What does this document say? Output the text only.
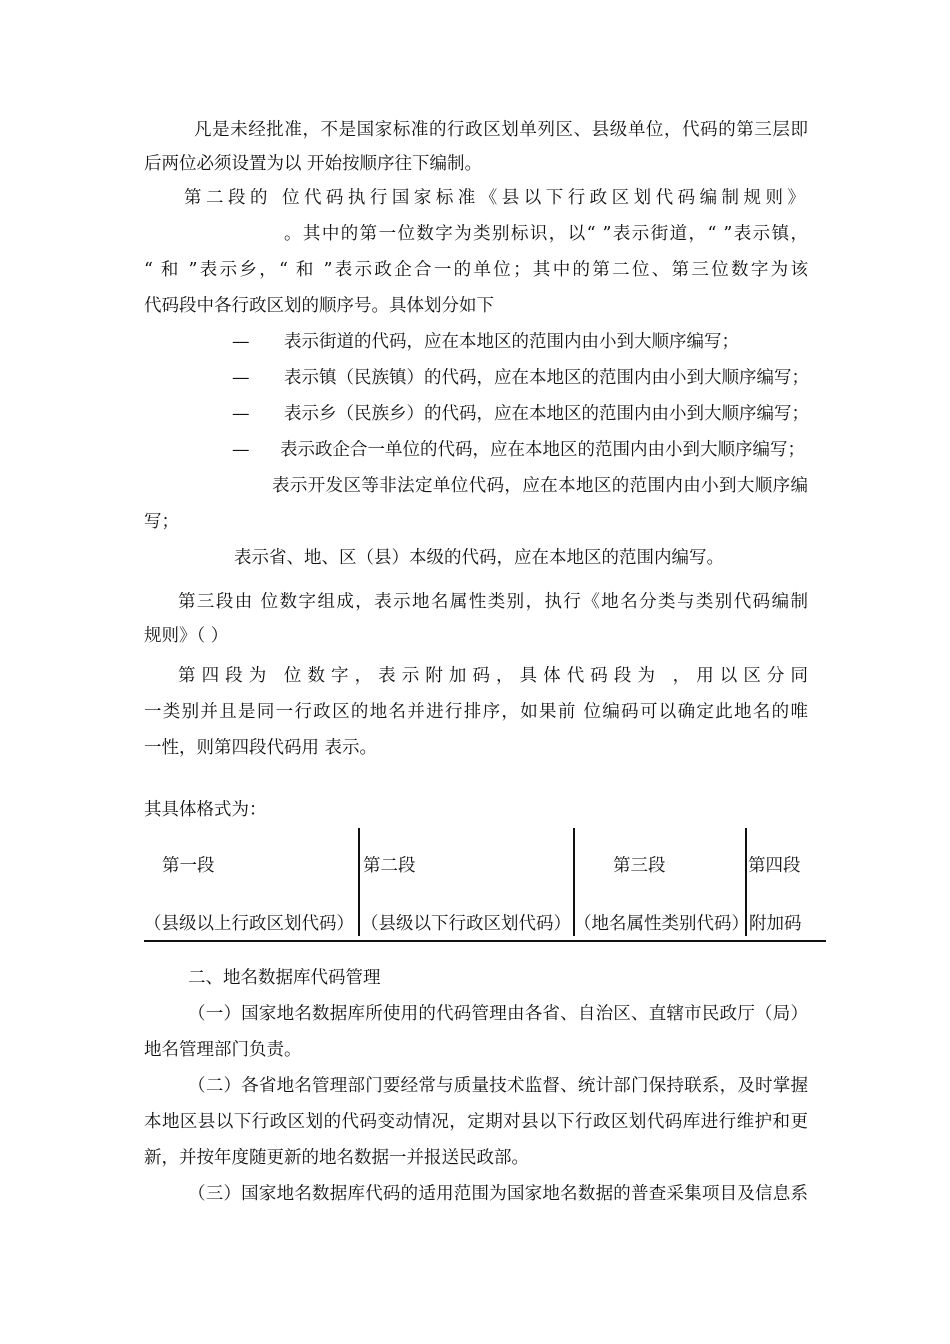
凡是未经批准，不是国家标准的行政区划单列区、县级单位，代码的第三层即
后两位必须设置为以 开始按顺序往下编制。
第二段的 位代码执行国家标准《县以下行政区划代码编制规则》
。其中的第一位数字为类别标识，以“ ”表示街道，“ ”表示镇，
“ 和 ”表示乡，“ 和 ”表示政企合一的单位；其中的第二位、第三位数字为该
代码段中各行政区划的顺序号。具体划分如下
— 表示街道的代码，应在本地区的范围内由小到大顺序编写；
— 表示镇（民族镇）的代码，应在本地区的范围内由小到大顺序编写；
— 表示乡（民族乡）的代码，应在本地区的范围内由小到大顺序编写；
— 表示政企合一单位的代码，应在本地区的范围内由小到大顺序编写；
表示开发区等非法定单位代码，应在本地区的范围内由小到大顺序编
写；
表示省、地、区（县）本级的代码，应在本地区的范围内编写。
第三段由 位数字组成，表示地名属性类别，执行《地名分类与类别代码编制
规则》（ ）
第四段为 位数字，表示附加码，具体代码段为 ，用以区分同
一类别并且是同一行政区的地名并进行排序，如果前 位编码可以确定此地名的唯
一性，则第四段代码用 表示。
其具体格式为：
第一段	第二段	第三段	第四段
（县级以上行政区划代码） （县级以下行政区划代码） （地名属性类别代码） 附加码
二、地名数据库代码管理
（一）国家地名数据库所使用的代码管理由各省、自治区、直辖市民政厅（局）
地名管理部门负责。
（二）各省地名管理部门要经常与质量技术监督、统计部门保持联系，及时掌握
本地区县以下行政区划的代码变动情况，定期对县以下行政区划代码库进行维护和更
新，并按年度随更新的地名数据一并报送民政部。
（三）国家地名数据库代码的适用范围为国家地名数据的普查采集项目及信息系
